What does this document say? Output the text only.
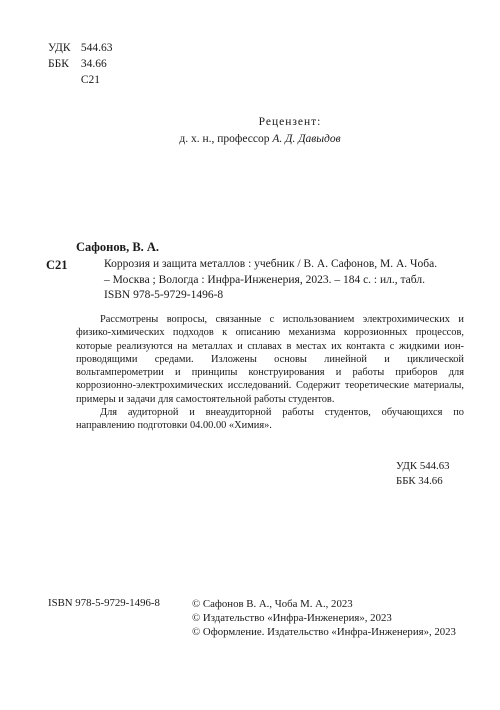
УДК 544.63
ББК 34.66
С21
Рецензент:
д. х. н., профессор А. Д. Давыдов
Сафонов, В. А.
С21	Коррозия и защита металлов : учебник / В. А. Сафонов, М. А. Чоба.
– Москва ; Вологда : Инфра-Инженерия, 2023. – 184 с. : ил., табл.
ISBN 978-5-9729-1496-8

Рассмотрены вопросы, связанные с использованием электрохимических и физико-химических подходов к описанию механизма коррозионных процессов, которые реализуются на металлах и сплавах в местах их контакта с жидкими ион-проводящими средами. Изложены основы линейной и циклической вольтамперометрии и принципы конструирования и работы приборов для коррозионно-электрохимических исследований. Содержит теоретические материалы, примеры и задачи для самостоятельной работы студентов.

Для аудиторной и внеаудиторной работы студентов, обучающихся по направлению подготовки 04.00.00 «Химия».

УДК 544.63
ББК 34.66
ISBN 978-5-9729-1496-8	© Сафонов В. А., Чоба М. А., 2023
© Издательство «Инфра-Инженерия», 2023
© Оформление. Издательство «Инфра-Инженерия», 2023
